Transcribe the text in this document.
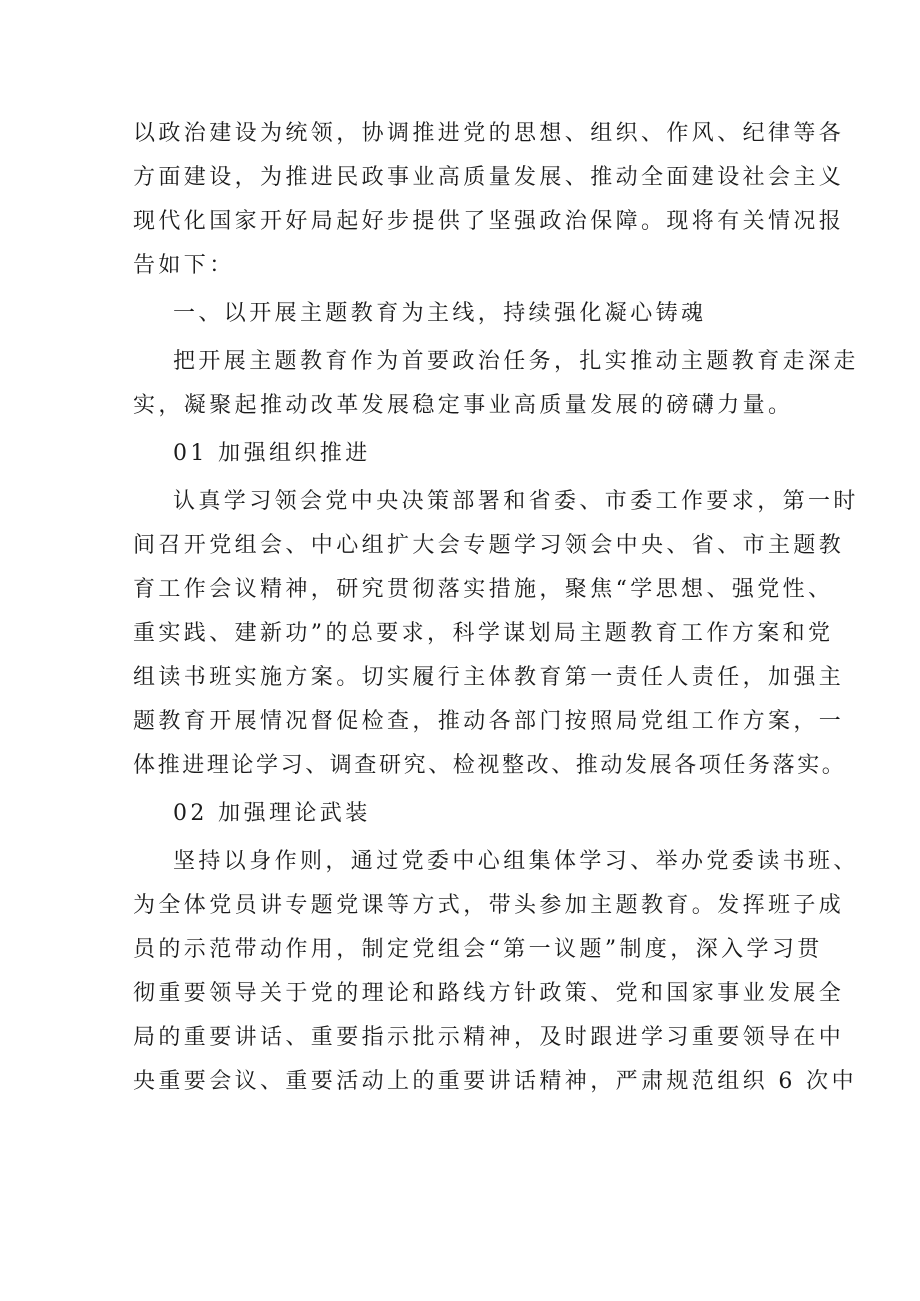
以政治建设为统领，协调推进党的思想、组织、作风、纪律等各
方面建设，为推进民政事业高质量发展、推动全面建设社会主义
现代化国家开好局起好步提供了坚强政治保障。现将有关情况报
告如下：
一、以开展主题教育为主线，持续强化凝心铸魂
把开展主题教育作为首要政治任务，扎实推动主题教育走深走
实，凝聚起推动改革发展稳定事业高质量发展的磅礴力量。
01 加强组织推进
认真学习领会党中央决策部署和省委、市委工作要求，第一时
间召开党组会、中心组扩大会专题学习领会中央、省、市主题教
育工作会议精神，研究贯彻落实措施，聚焦“学思想、强党性、
重实践、建新功”的总要求，科学谋划局主题教育工作方案和党
组读书班实施方案。切实履行主体教育第一责任人责任，加强主
题教育开展情况督促检查，推动各部门按照局党组工作方案，一
体推进理论学习、调查研究、检视整改、推动发展各项任务落实。
02 加强理论武装
坚持以身作则，通过党委中心组集体学习、举办党委读书班、
为全体党员讲专题党课等方式，带头参加主题教育。发挥班子成
员的示范带动作用，制定党组会“第一议题”制度，深入学习贯
彻重要领导关于党的理论和路线方针政策、党和国家事业发展全
局的重要讲话、重要指示批示精神，及时跟进学习重要领导在中
央重要会议、重要活动上的重要讲话精神，严肃规范组织 6 次中
